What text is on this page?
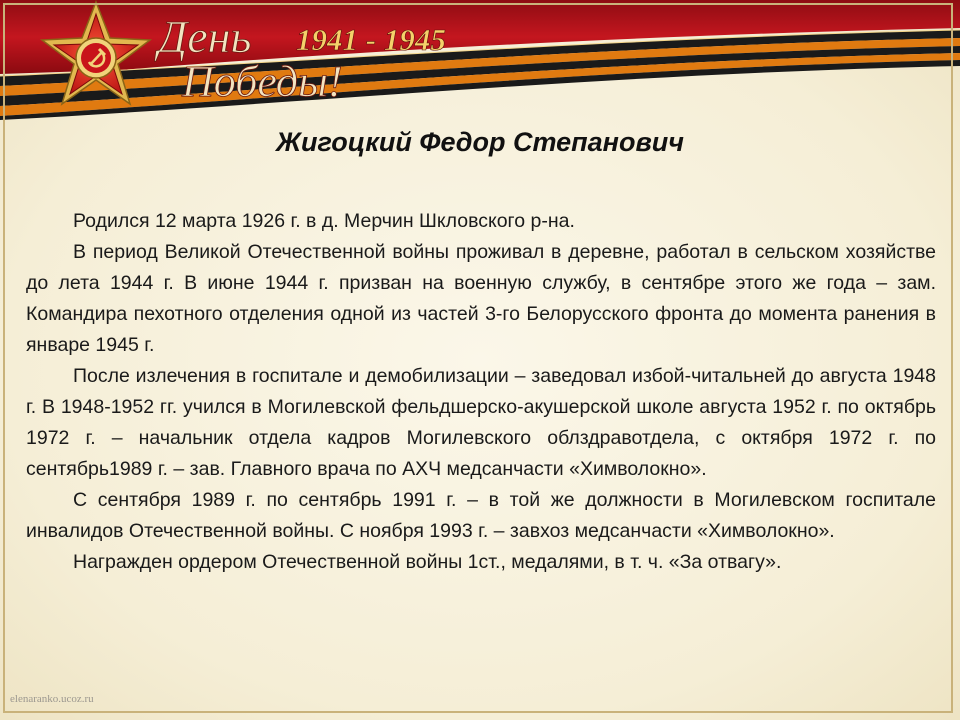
День
Победы!
1941 - 1945
Жигоцкий Федор Степанович

Родился 12 марта 1926 г. в д. Мерчин Шкловского р-на.

В период Великой Отечественной войны проживал в деревне, работал в сельском хозяйстве до лета 1944 г. В июне 1944 г. призван на военную службу, в сентябре этого же года – зам. Командира пехотного отделения одной из частей 3-го Белорусского фронта до момента ранения в январе 1945 г.

После излечения в госпитале и демобилизации – заведовал избой-читальней до августа 1948 г. В 1948-1952 гг. учился в Могилевской фельдшерско-акушерской школе августа 1952 г. по октябрь 1972 г. – начальник отдела кадров Могилевского облздравотдела, с октября 1972 г. по сентябрь1989 г. – зав. Главного врача по АХЧ медсанчасти «Химволокно».

С сентября 1989 г. по сентябрь 1991 г. – в той же должности в Могилевском госпитале инвалидов Отечественной войны. С ноября 1993 г. – завхоз медсанчасти «Химволокно».

Награжден ордером Отечественной войны 1ст., медалями, в т. ч. «За отвагу».

elenaranko.ucoz.ru
